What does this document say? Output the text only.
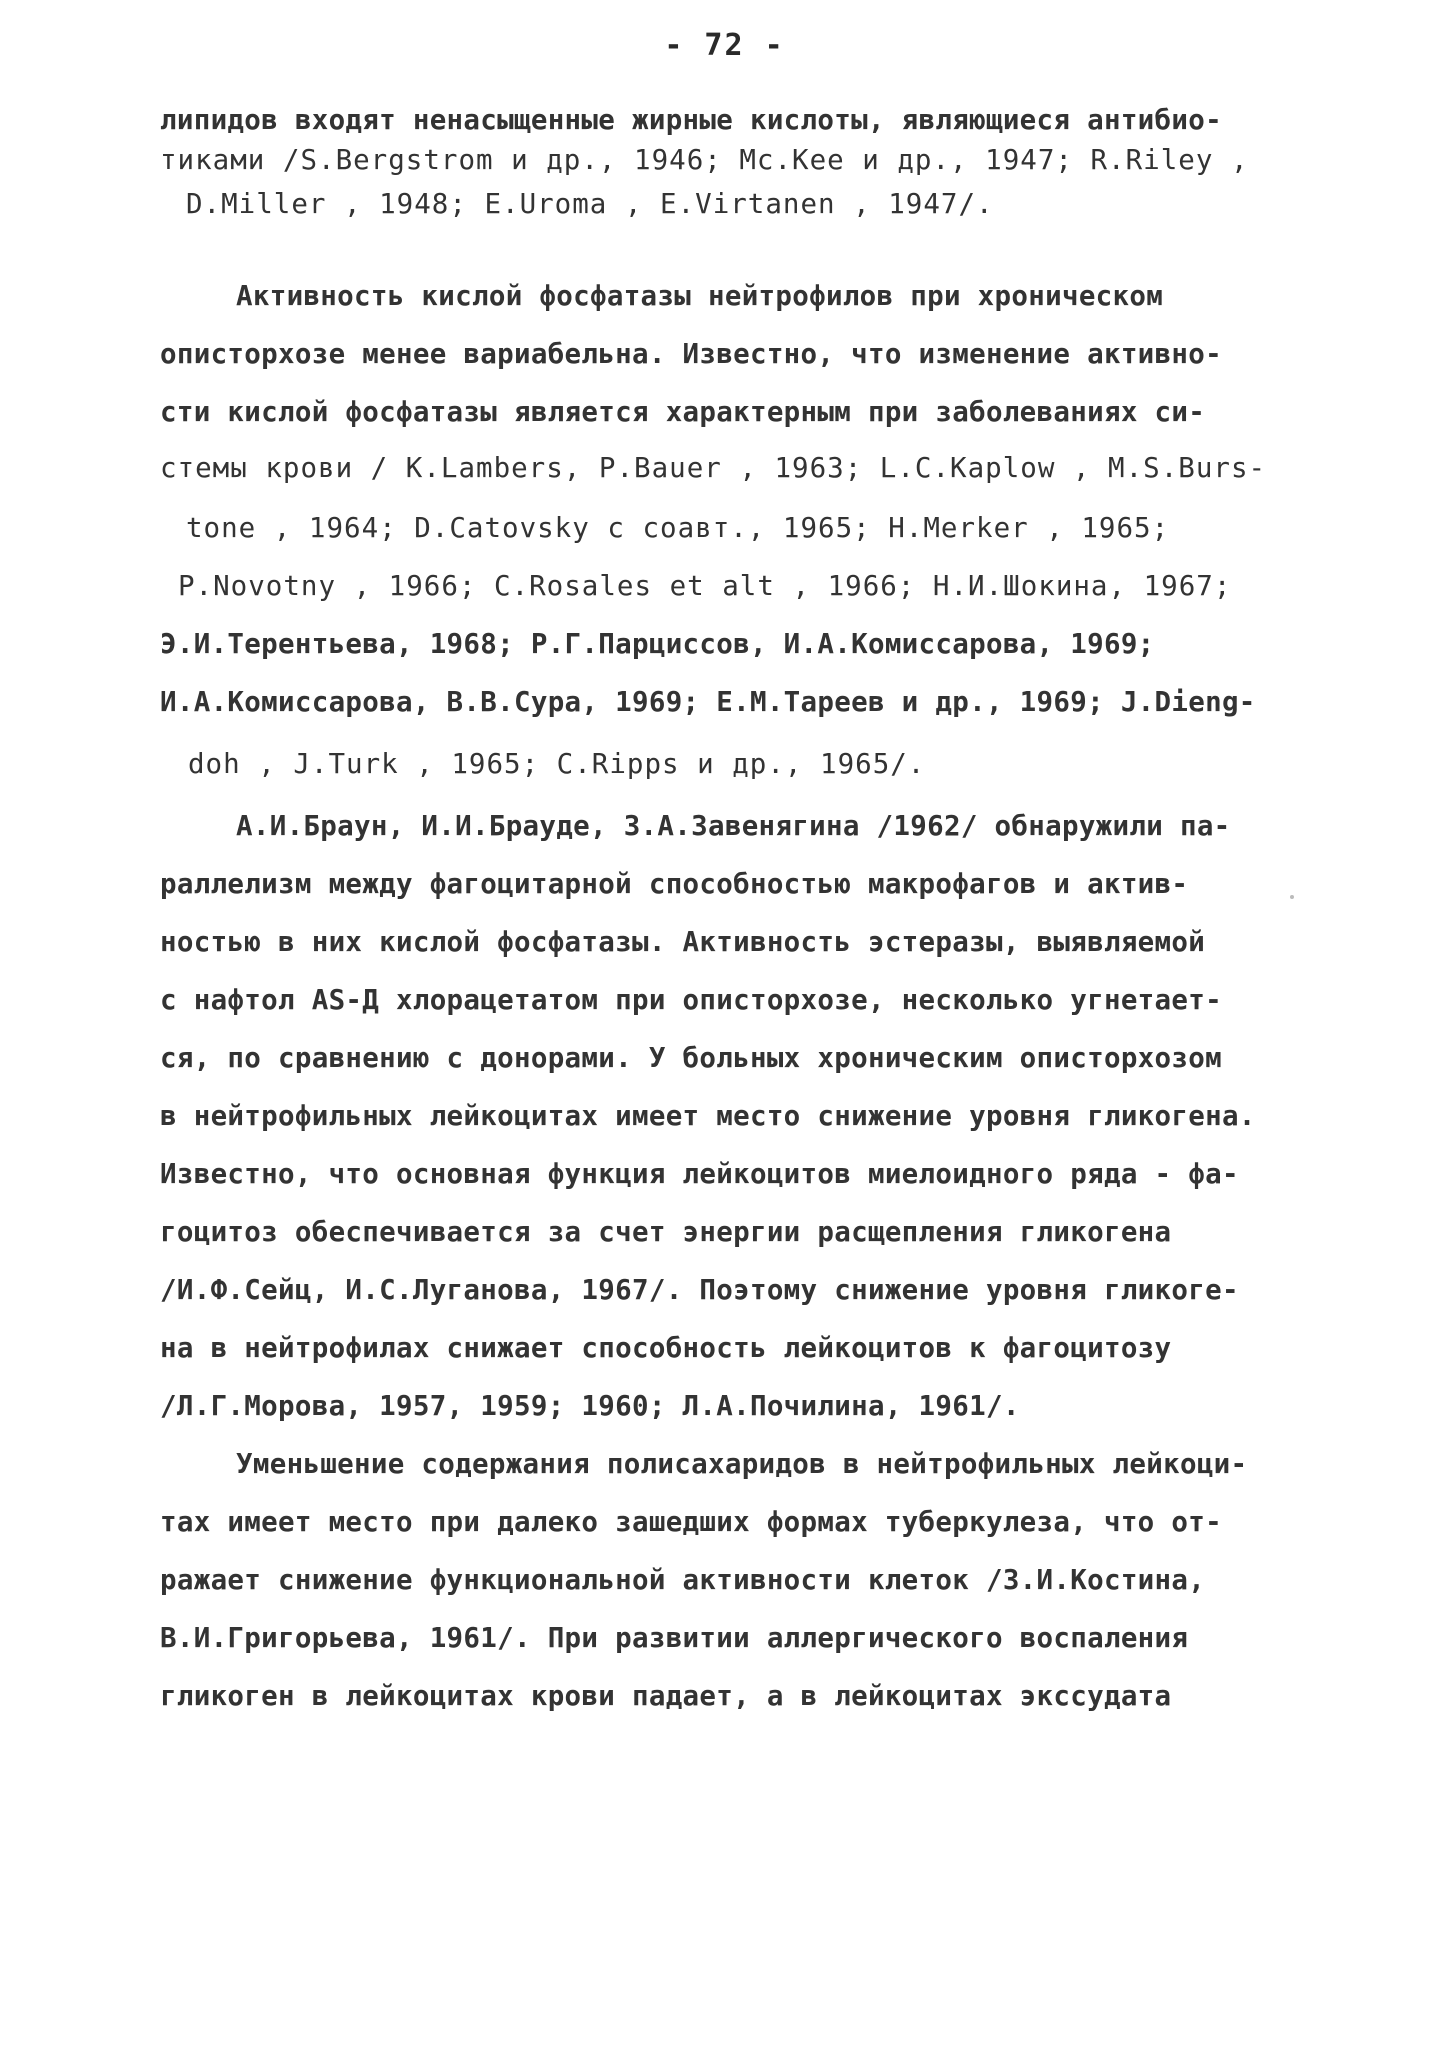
- 72 -
липидов входят ненасыщенные жирные кислоты, являющиеся антибио-
тиками /S.Bergstrom и др., 1946; Mc.Kee и др., 1947; R.Riley ,
D.Miller , 1948; E.Uroma , E.Virtanen , 1947/.
Активность кислой фосфатазы нейтрофилов при хроническом
описторхозе менее вариабельна. Известно, что изменение активно-
сти кислой фосфатазы является характерным при заболеваниях си-
стемы крови / K.Lambers, P.Bauer , 1963; L.C.Kaplow , M.S.Burs-
tone , 1964; D.Catovsky с соавт., 1965; H.Merker , 1965;
P.Novotny , 1966; C.Rosales et alt , 1966; Н.И.Шокина, 1967;
Э.И.Терентьева, 1968; Р.Г.Парциссов, И.А.Комиссарова, 1969;
И.А.Комиссарова, В.В.Сура, 1969; Е.М.Тареев и др., 1969; J.Dieng-
doh , J.Turk , 1965; C.Ripps и др., 1965/.
А.И.Браун, И.И.Брауде, З.А.Завенягина /1962/ обнаружили па-
раллелизм между фагоцитарной способностью макрофагов и актив-
ностью в них кислой фосфатазы. Активность эстеразы, выявляемой
с нафтол AS-Д хлорацетатом при описторхозе, несколько угнетает-
ся, по сравнению с донорами. У больных хроническим описторхозом
в нейтрофильных лейкоцитах имеет место снижение уровня гликогена.
Известно, что основная функция лейкоцитов миелоидного ряда - фа-
гоцитоз обеспечивается за счет энергии расщепления гликогена
/И.Ф.Сейц, И.С.Луганова, 1967/. Поэтому снижение уровня гликоге-
на в нейтрофилах снижает способность лейкоцитов к фагоцитозу
/Л.Г.Морова, 1957, 1959; 1960; Л.А.Почилина, 1961/.
Уменьшение содержания полисахаридов в нейтрофильных лейкоци-
тах имеет место при далеко зашедших формах туберкулеза, что от-
ражает снижение функциональной активности клеток /З.И.Костина,
В.И.Григорьева, 1961/. При развитии аллергического воспаления
гликоген в лейкоцитах крови падает, а в лейкоцитах экссудата
